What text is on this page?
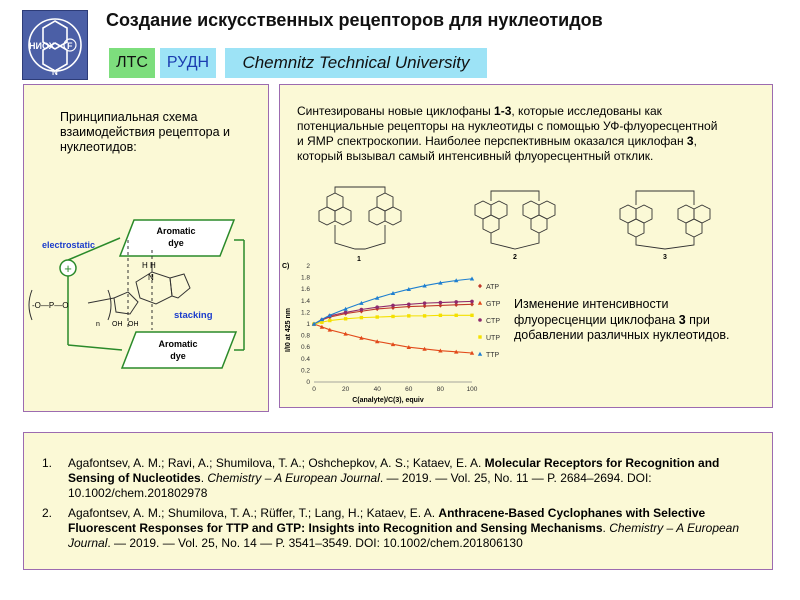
НИОХ F
N
Создание искусственных рецепторов для нуклеотидов
ЛТС	РУДН	Chemnitz Technical University
Принципиальная схема взаимодействия рецептора и нуклеотидов:
Aromatic
dye
Aromatic
dye
+
electrostatic
stacking
-O—P—O
n OH OH
H H
N
Синтезированы новые циклофаны 1-3, которые исследованы как потенциальные рецепторы на нуклеотиды с помощью УФ-флуоресцентной и ЯМР спектроскопии. Наиболее перспективным оказался циклофан 3, который вызывал самый интенсивный флуоресцентный отклик.
1	2	3
C)
0	20	40	60	80	100
0
0.2
0.4
0.6
0.8
1
1.2
1.4
1.6
1.8
2
ATP
GTP
CTP
UTP
TTP
C(analyte)/C(3), equiv
I/I0 at 425 nm
Изменение интенсивности флуоресценции циклофана 3 при добавлении различных нуклеотидов.
1. Agafontsev, A. M.; Ravi, A.; Shumilova, T. A.; Oshchepkov, A. S.; Kataev, E. A. Molecular Receptors for Recognition and Sensing of Nucleotides. Chemistry – A European Journal. — 2019. — Vol. 25, No. 11 — P. 2684–2694. DOI: 10.1002/chem.201802978
2. Agafontsev, A. M.; Shumilova, T. A.; Rüffer, T.; Lang, H.; Kataev, E. A. Anthracene-Based Cyclophanes with Selective Fluorescent Responses for TTP and GTP: Insights into Recognition and Sensing Mechanisms. Chemistry – A European Journal. — 2019. — Vol. 25, No. 14 — P. 3541–3549. DOI: 10.1002/chem.201806130
